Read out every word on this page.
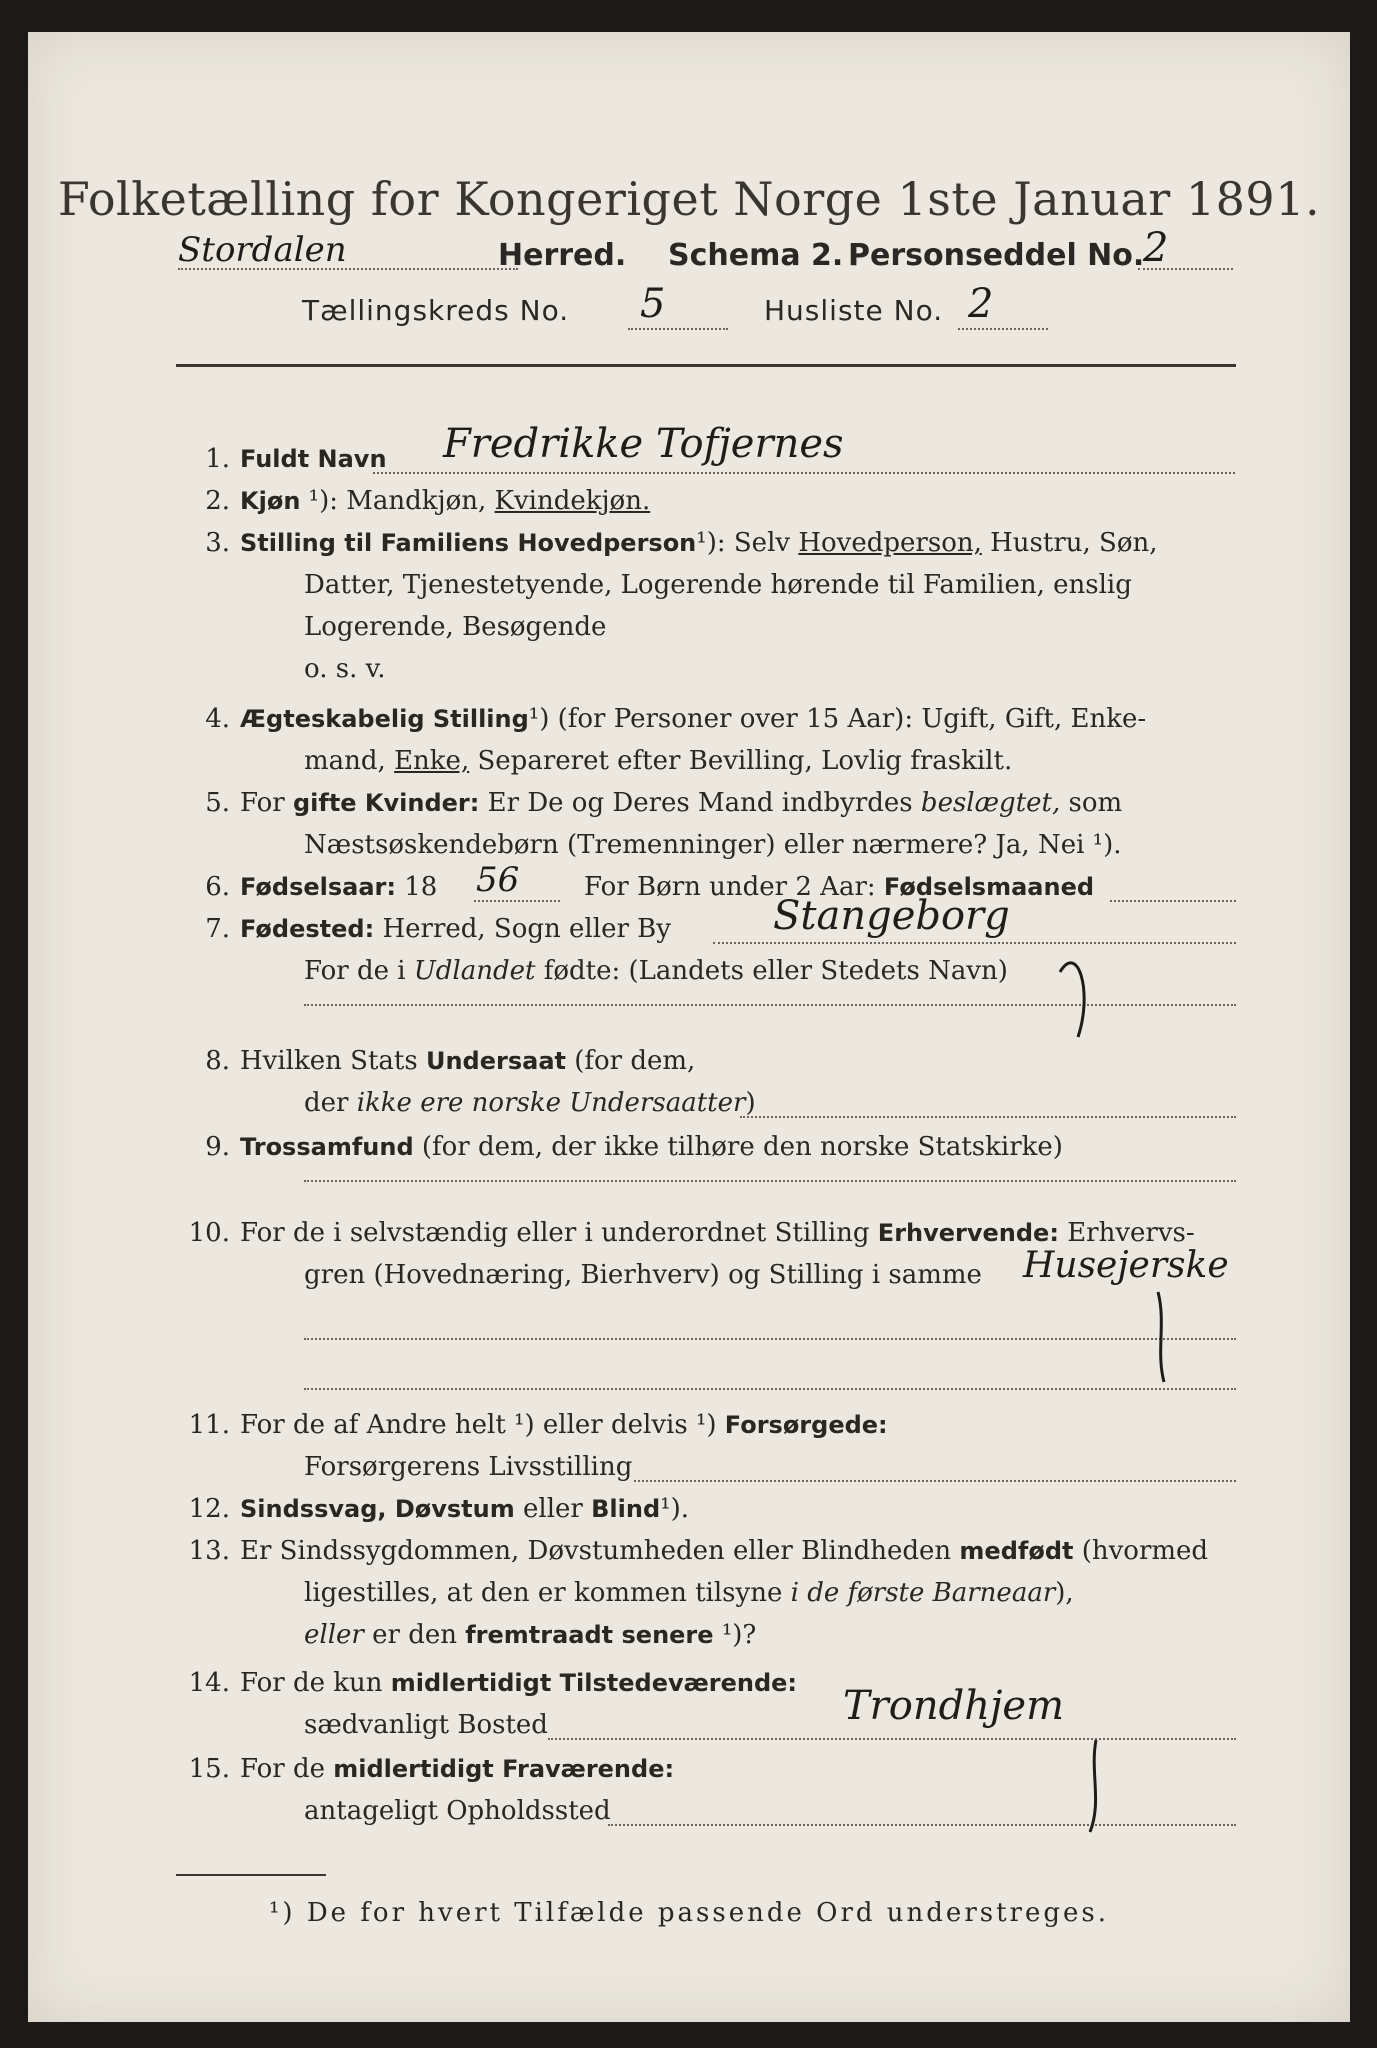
Folketælling for Kongeriget Norge 1ste Januar 1891.
Stordalen	Herred. Schema 2. Personseddel No.
2
Tællingskreds No. 5	Husliste No. 2
1. Fuldt Navn Fredrikke Tofjernes
2. Kjøn ¹): Mandkjøn, Kvindekjøn.
3. Stilling til Familiens Hovedperson¹): Selv Hovedperson, Hustru, Søn,
Datter, Tjenestetyende, Logerende hørende til Familien, enslig
Logerende, Besøgende
o. s. v.
4. Ægteskabelig Stilling¹) (for Personer over 15 Aar): Ugift, Gift, Enke-
mand, Enke, Separeret efter Bevilling, Lovlig fraskilt.
5. For gifte Kvinder: Er De og Deres Mand indbyrdes beslægtet, som
Næstsøskendebørn (Tremenninger) eller nærmere? Ja, Nei ¹).
6. Fødselsaar: 18	For Børn under 2 Aar: Fødselsmaaned
56
7. Fødested: Herred, Sogn eller By	Stangeborg
For de i Udlandet fødte: (Landets eller Stedets Navn)
8. Hvilken Stats Undersaat (for dem,
der ikke ere norske Undersaatter)
9. Trossamfund (for dem, der ikke tilhøre den norske Statskirke)
10. For de i selvstændig eller i underordnet Stilling Erhvervende: Erhvervs-
gren (Hovednæring, Bierhverv) og Stilling i samme Husejerske
11. For de af Andre helt ¹) eller delvis ¹) Forsørgede:
Forsørgerens Livsstilling
12. Sindssvag, Døvstum eller Blind¹).
13. Er Sindssygdommen, Døvstumheden eller Blindheden medfødt (hvormed
ligestilles, at den er kommen tilsyne i de første Barneaar),
eller er den fremtraadt senere ¹)?
14. For de kun midlertidigt Tilstedeværende:
sædvanligt Bosted	Trondhjem
15. For de midlertidigt Fraværende:
antageligt Opholdssted
¹) De for hvert Tilfælde passende Ord understreges.
